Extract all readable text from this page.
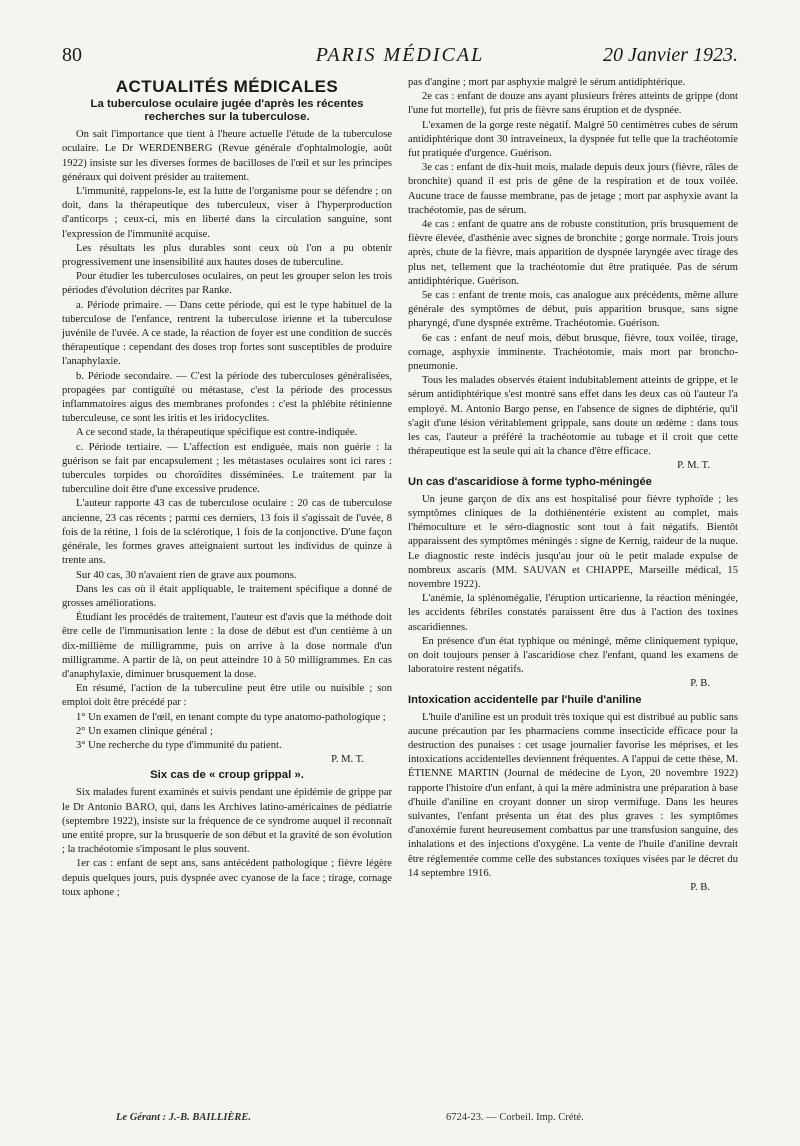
80	PARIS MÉDICAL	20 Janvier 1923.
ACTUALITÉS MÉDICALES
La tuberculose oculaire jugée d'après les récentes recherches sur la tuberculose.

On sait l'importance que tient à l'heure actuelle l'étude de la tuberculose oculaire. Le Dr WERDENBERG (Revue générale d'ophtalmologie, août 1922) insiste sur les diverses formes de bacilloses de l'œil et sur les principes généraux qui doivent présider au traitement.

L'immunité, rappelons-le, est la lutte de l'organisme pour se défendre ; on doit, dans la thérapeutique des tuberculeux, viser à l'hyperproduction d'anticorps ; ceux-ci, mis en liberté dans la circulation sanguine, sont l'expression de l'immunité acquise.

Les résultats les plus durables sont ceux où l'on a pu obtenir progressivement une insensibilité aux hautes doses de tuberculine.

Pour étudier les tuberculoses oculaires, on peut les grouper selon les trois périodes d'évolution décrites par Ranke.

a. Période primaire. — Dans cette période, qui est le type habituel de la tuberculose de l'enfance, rentrent la tuberculose irienne et la tuberculose juvénile de l'uvée. A ce stade, la réaction de foyer est une condition de succès thérapeutique : cependant des doses trop fortes sont susceptibles de produire l'anaphylaxie.

b. Période secondaire. — C'est la période des tuberculoses généralisées, propagées par contiguïté ou métastase, c'est la période des processus inflammatoires aigus des membranes profondes : c'est la phlébite rétinienne tuberculeuse, ce sont les iritis et les iridocyclites.

A ce second stade, la thérapeutique spécifique est contre-indiquée.

c. Période tertiaire. — L'affection est endiguée, mais non guérie : la guérison se fait par encapsulement ; les métastases oculaires sont ici rares : tubercules torpides ou choroïdites disséminées. Le traitement par la tuberculine doit être d'une excessive prudence.

L'auteur rapporte 43 cas de tuberculose oculaire : 20 cas de tuberculose ancienne, 23 cas récents ; parmi ces derniers, 13 fois il s'agissait de l'uvée, 8 fois de la rétine, 1 fois de la sclérotique, 1 fois de la conjonctive. D'une façon générale, les formes graves atteignaient surtout les individus de quinze à trente ans.

Sur 40 cas, 30 n'avaient rien de grave aux poumons.

Dans les cas où il était appliquable, le traitement spécifique a donné de grosses améliorations.

Étudiant les procédés de traitement, l'auteur est d'avis que la méthode doit être celle de l'immunisation lente : la dose de début est d'un centième à un dix-millième de milligramme, puis on arrive à la dose normale d'un milligramme. A partir de là, on peut atteindre 10 à 50 milligrammes. En cas d'anaphylaxie, diminuer brusquement la dose.

En résumé, l'action de la tuberculine peut être utile ou nuisible ; son emploi doit être précédé par :

1° Un examen de l'œil, en tenant compte du type anatomo-pathologique ;

2° Un examen clinique général ;

3° Une recherche du type d'immunité du patient.

P. M. T.

Six cas de « croup grippal ».

Six malades furent examinés et suivis pendant une épidémie de grippe par le Dr Antonio BARO, qui, dans les Archives latino-américaines de pédiatrie (septembre 1922), insiste sur la fréquence de ce syndrome auquel il reconnaît une entité propre, sur la brusquerie de son début et la gravité de son évolution ; la trachéotomie s'imposant le plus souvent.

1er cas : enfant de sept ans, sans antécédent pathologique ; fièvre légère depuis quelques jours, puis dyspnée avec cyanose de la face ; tirage, cornage toux aphone ;

pas d'angine ; mort par asphyxie malgré le sérum antidiphtérique.

2e cas : enfant de douze ans ayant plusieurs frères atteints de grippe (dont l'une fut mortelle), fut pris de fièvre sans éruption et de dyspnée.

L'examen de la gorge reste négatif. Malgré 50 centimètres cubes de sérum antidiphtérique dont 30 intraveineux, la dyspnée fut telle que la trachéotomie fut pratiquée d'urgence. Guérison.

3e cas : enfant de dix-huit mois, malade depuis deux jours (fièvre, râles de bronchite) quand il est pris de gêne de la respiration et de toux voilée. Aucune trace de fausse membrane, pas de jetage ; mort par asphyxie avant la trachéotomie, pas de sérum.

4e cas : enfant de quatre ans de robuste constitution, pris brusquement de fièvre élevée, d'asthénie avec signes de bronchite ; gorge normale. Trois jours après, chute de la fièvre, mais apparition de dyspnée laryngée avec tirage des plus net, tellement que la trachéotomie dut être pratiquée. Pas de sérum antidiphtérique. Guérison.

5e cas : enfant de trente mois, cas analogue aux précédents, même allure générale des symptômes de début, puis apparition brusque, sans signe pharyngé, d'une dyspnée extrême. Trachéotomie. Guérison.

6e cas : enfant de neuf mois, début brusque, fièvre, toux voilée, tirage, cornage, asphyxie imminente. Trachéotomie, mais mort par broncho-pneumonie.

Tous les malades observés étaient indubitablement atteints de grippe, et le sérum antidiphtérique s'est montré sans effet dans les deux cas où l'auteur l'a employé. M. Antonio Bargo pense, en l'absence de signes de diphtérie, qu'il s'agit d'une lésion véritablement grippale, sans doute un œdème : dans tous les cas, l'auteur a préféré la trachéotomie au tubage et il croit que cette thérapeutique est la seule qui ait la chance d'être efficace.

P. M. T.

Un cas d'ascaridiose à forme typho-méningée

Un jeune garçon de dix ans est hospitalisé pour fièvre typhoïde ; les symptômes cliniques de la dothiénentérie existent au complet, mais l'hémoculture et le séro-diagnostic sont tout à fait négatifs. Bientôt apparaissent des symptômes méningés : signe de Kernig, raideur de la nuque. Le diagnostic reste indécis jusqu'au jour où le petit malade expulse de nombreux ascaris (MM. SAUVAN et CHIAPPE, Marseille médical, 15 novembre 1922).

L'anémie, la splénomégalie, l'éruption urticarienne, la réaction méningée, les accidents fébriles constatés paraissent être dus à l'action des toxines ascaridiennes.

En présence d'un état typhique ou méningé, même cliniquement typique, on doit toujours penser à l'ascaridiose chez l'enfant, quand les examens de laboratoire restent négatifs.

P. B.

Intoxication accidentelle par l'huile d'aniline

L'huile d'aniline est un produit très toxique qui est distribué au public sans aucune précaution par les pharmaciens comme insecticide efficace pour la destruction des punaises : cet usage journalier favorise les méprises, et les intoxications accidentelles deviennent fréquentes. A l'appui de cette thèse, M. ÉTIENNE MARTIN (Journal de médecine de Lyon, 20 novembre 1922) rapporte l'histoire d'un enfant, à qui la mère administra une préparation à base d'huile d'aniline en croyant donner un sirop vermifuge. Dans les heures suivantes, l'enfant présenta un état des plus graves : les symptômes d'anoxémie furent heureusement combattus par une transfusion sanguine, des inhalations et des injections d'oxygène. La vente de l'huile d'aniline devrait être réglementée comme celle des substances toxiques visées par le décret du 14 septembre 1916.

P. B.

Le Gérant : J.-B. BAILLIÈRE.	6724-23. — Corbeil. Imp. Crété.
